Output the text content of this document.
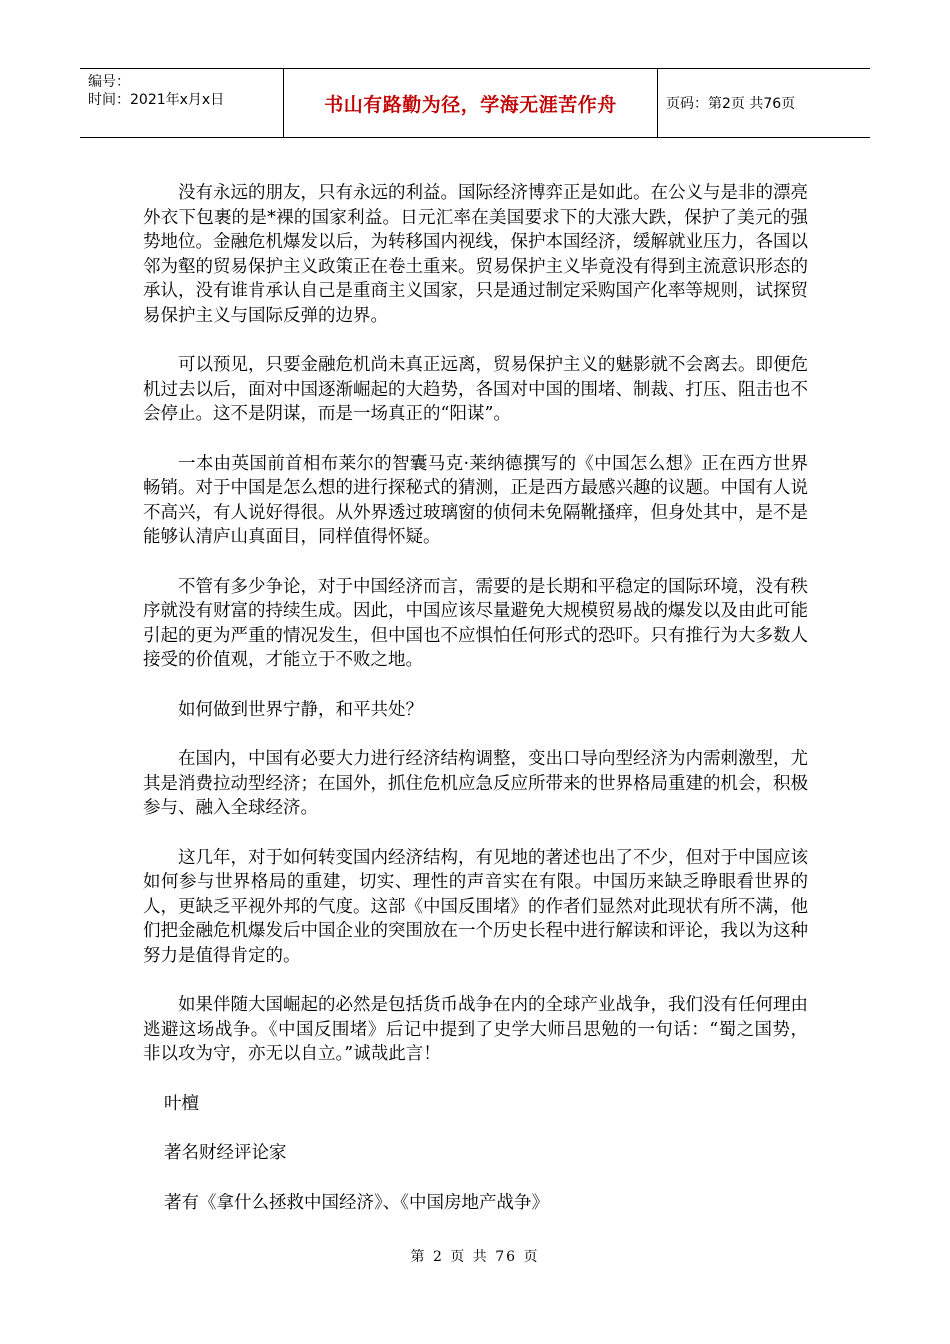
编号：
时间：2021年x月x日	书山有路勤为径，学海无涯苦作舟	页码：第2页 共76页

没有永远的朋友，只有永远的利益。国际经济博弈正是如此。在公义与是非的漂亮外衣下包裹的是*裸的国家利益。日元汇率在美国要求下的大涨大跌，保护了美元的强势地位。金融危机爆发以后，为转移国内视线，保护本国经济，缓解就业压力，各国以邻为壑的贸易保护主义政策正在卷土重来。贸易保护主义毕竟没有得到主流意识形态的承认，没有谁肯承认自己是重商主义国家，只是通过制定采购国产化率等规则，试探贸易保护主义与国际反弹的边界。

可以预见，只要金融危机尚未真正远离，贸易保护主义的魅影就不会离去。即便危机过去以后，面对中国逐渐崛起的大趋势，各国对中国的围堵、制裁、打压、阻击也不会停止。这不是阴谋，而是一场真正的“阳谋”。

一本由英国前首相布莱尔的智囊马克·莱纳德撰写的《中国怎么想》正在西方世界畅销。对于中国是怎么想的进行探秘式的猜测，正是西方最感兴趣的议题。中国有人说不高兴，有人说好得很。从外界透过玻璃窗的侦伺未免隔靴搔痒，但身处其中，是不是能够认清庐山真面目，同样值得怀疑。

不管有多少争论，对于中国经济而言，需要的是长期和平稳定的国际环境，没有秩序就没有财富的持续生成。因此，中国应该尽量避免大规模贸易战的爆发以及由此可能引起的更为严重的情况发生，但中国也不应惧怕任何形式的恐吓。只有推行为大多数人接受的价值观，才能立于不败之地。

如何做到世界宁静，和平共处？

在国内，中国有必要大力进行经济结构调整，变出口导向型经济为内需刺激型，尤其是消费拉动型经济；在国外，抓住危机应急反应所带来的世界格局重建的机会，积极参与、融入全球经济。

这几年，对于如何转变国内经济结构，有见地的著述也出了不少，但对于中国应该如何参与世界格局的重建，切实、理性的声音实在有限。中国历来缺乏睁眼看世界的人，更缺乏平视外邦的气度。这部《中国反围堵》的作者们显然对此现状有所不满，他们把金融危机爆发后中国企业的突围放在一个历史长程中进行解读和评论，我以为这种努力是值得肯定的。

如果伴随大国崛起的必然是包括货币战争在内的全球产业战争，我们没有任何理由逃避这场战争。《中国反围堵》后记中提到了史学大师吕思勉的一句话：“蜀之国势，非以攻为守，亦无以自立。”诚哉此言！

叶檀

著名财经评论家

著有《拿什么拯救中国经济》、《中国房地产战争》

第 2 页 共 76 页
